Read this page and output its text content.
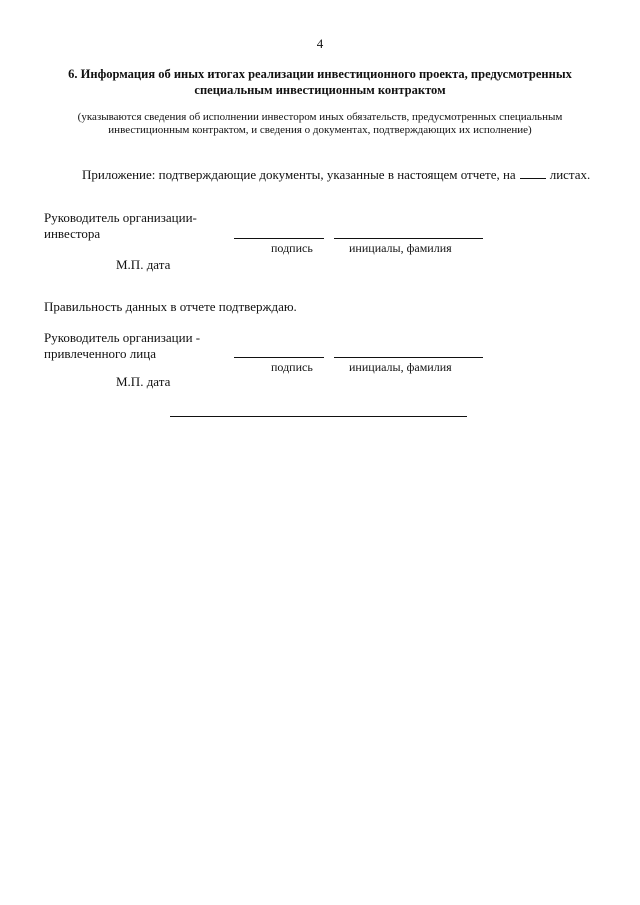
4
6. Информация об иных итогах реализации инвестиционного проекта, предусмотренных
специальным инвестиционным контрактом
(указываются сведения об исполнении инвестором иных обязательств, предусмотренных специальным
инвестиционным контрактом, и сведения о документах, подтверждающих их исполнение)
Приложение: подтверждающие документы, указанные в настоящем отчете, на	листах.
Руководитель организации-
инвестора
подпись	инициалы, фамилия
М.П. дата
Правильность данных в отчете подтверждаю.
Руководитель организации -
привлеченного лица
подпись	инициалы, фамилия
М.П. дата
